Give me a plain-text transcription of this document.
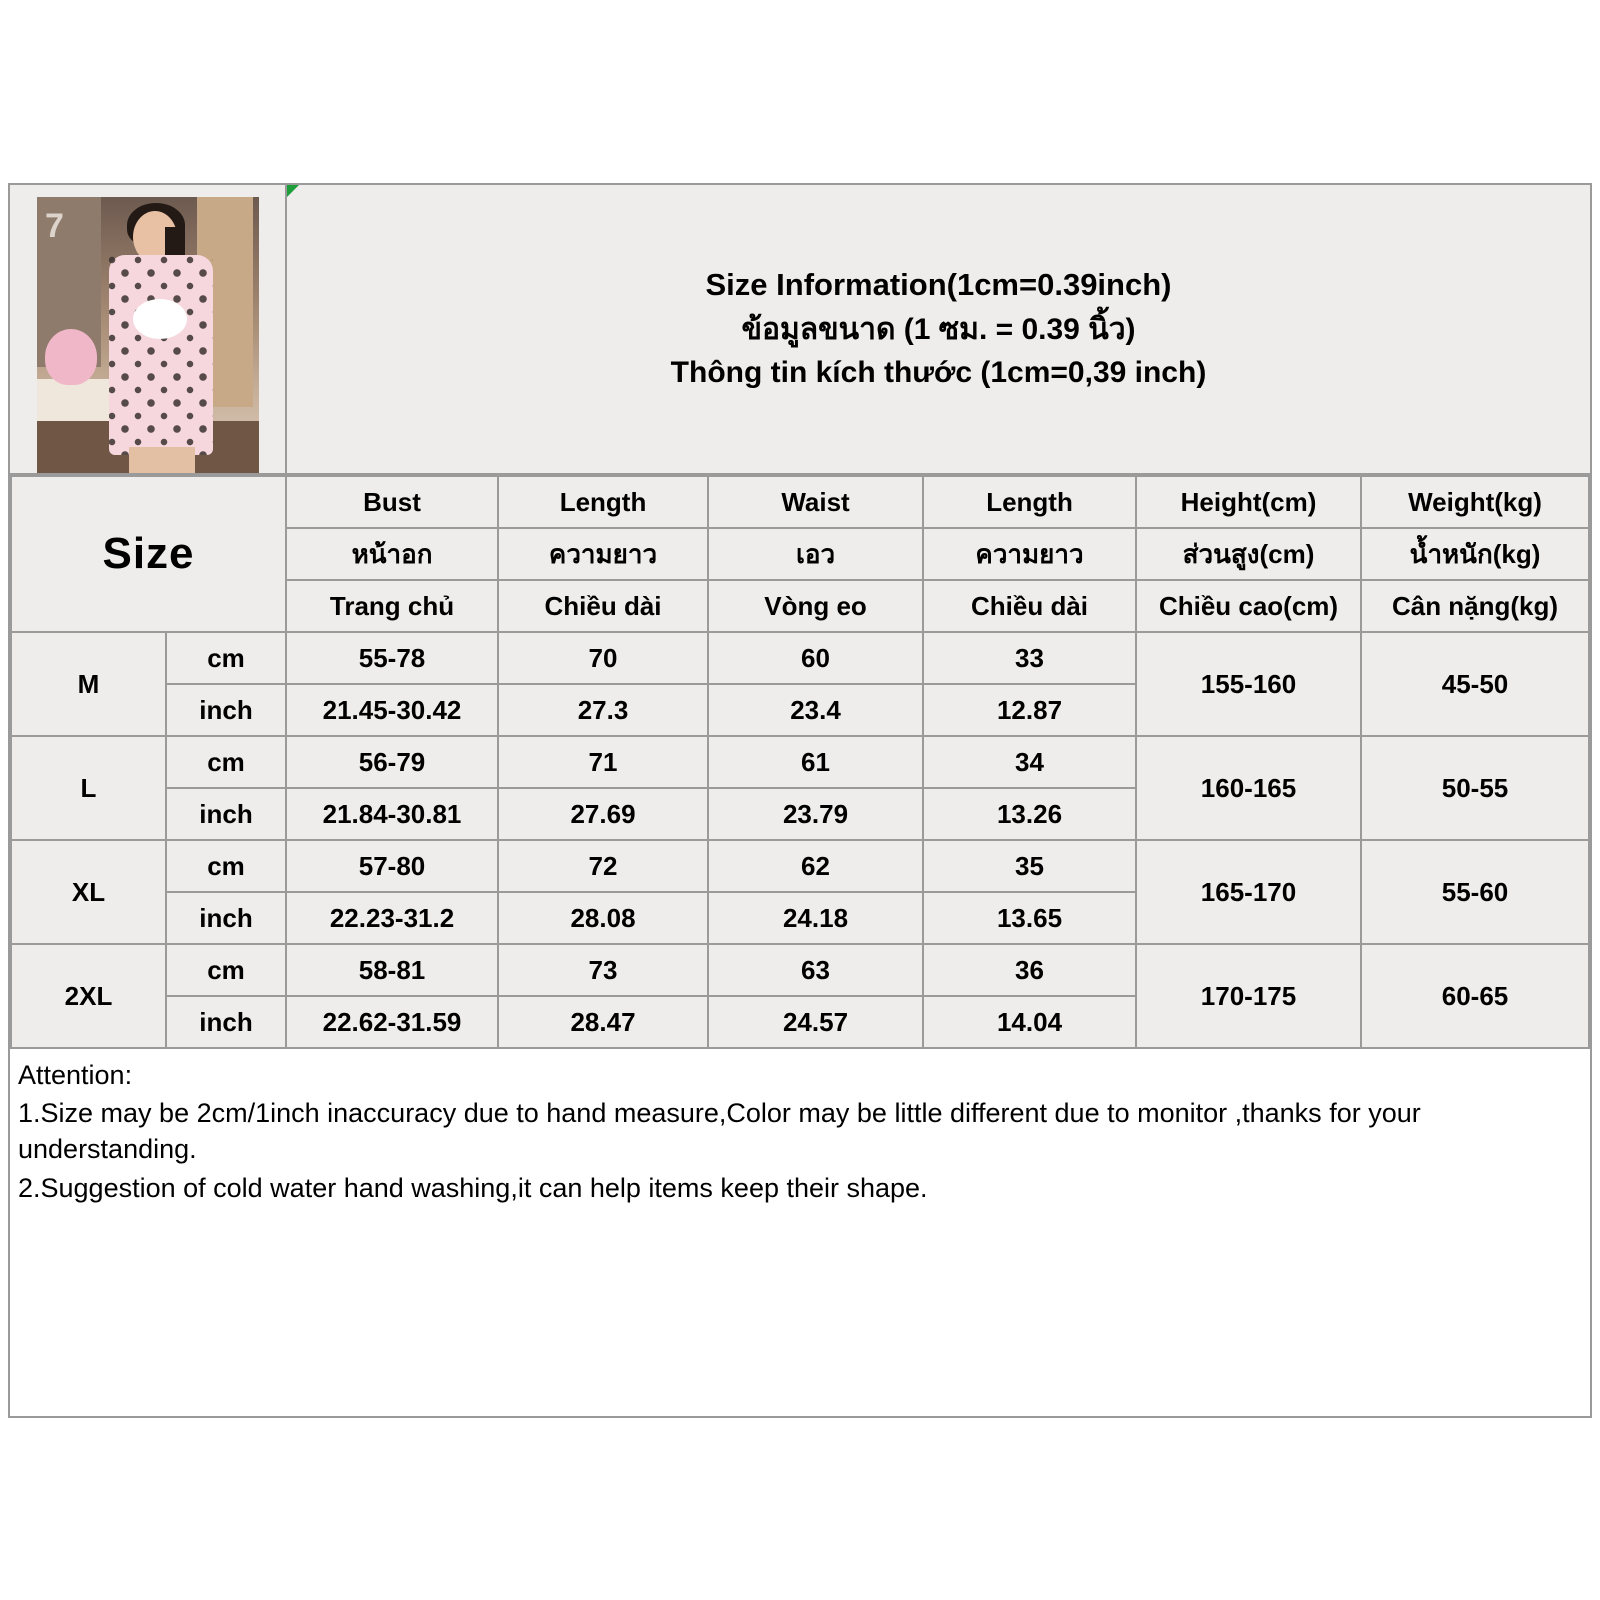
7
Size Information(1cm=0.39inch)
ข้อมูลขนาด (1 ซม. = 0.39 นิ้ว)
Thông tin kích thước (1cm=0,39 inch)
Size		Bust	Length	Waist	Length	Height(cm)	Weight(kg)
		หน้าอก	ความยาว	เอว	ความยาว	ส่วนสูง(cm)	น้ำหนัก(kg)
		Trang chủ	Chiều dài	Vòng eo	Chiều dài	Chiều cao(cm)	Cân nặng(kg)
M	cm	55-78	70	60	33	155-160	45-50
	inch	21.45-30.42	27.3	23.4	12.87		
L	cm	56-79	71	61	34	160-165	50-55
	inch	21.84-30.81	27.69	23.79	13.26		
XL	cm	57-80	72	62	35	165-170	55-60
	inch	22.23-31.2	28.08	24.18	13.65		
2XL	cm	58-81	73	63	36	170-175	60-65
	inch	22.62-31.59	28.47	24.57	14.04		

Attention:

1.Size may be 2cm/1inch inaccuracy due to hand measure,Color may be little different due to monitor ,thanks for your understanding.

2.Suggestion of cold water hand washing,it can help items keep their shape.
